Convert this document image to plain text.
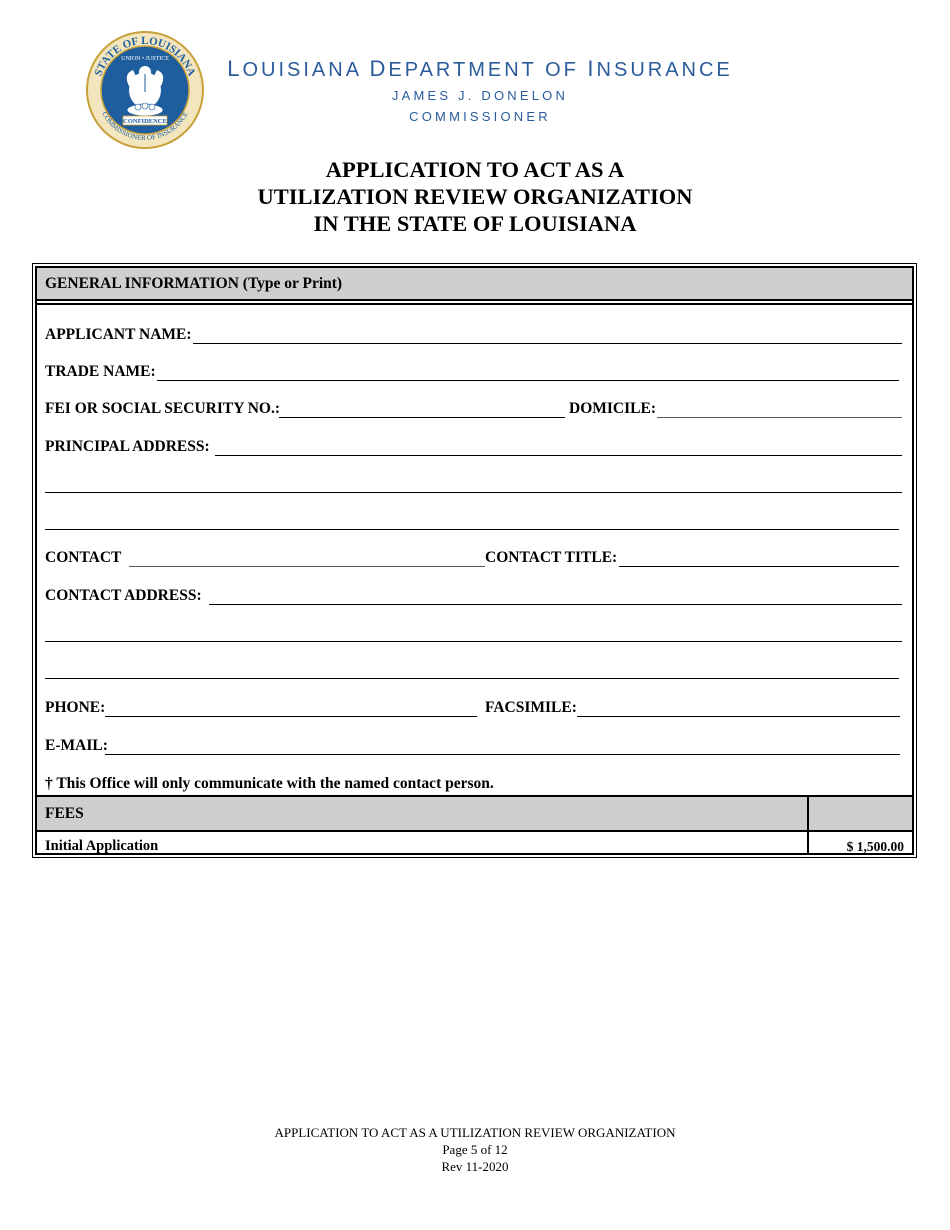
STATE OF LOUISIANA
COMMISSIONER OF INSURANCE
UNION • JUSTICE
CONFIDENCE
LOUISIANA DEPARTMENT OF INSURANCE
JAMES J. DONELON
COMMISSIONER
APPLICATION TO ACT AS A
UTILIZATION REVIEW ORGANIZATION
IN THE STATE OF LOUISIANA
GENERAL INFORMATION (Type or Print)
APPLICANT NAME:
TRADE NAME:
FEI OR SOCIAL SECURITY NO.:	DOMICILE:
PRINCIPAL ADDRESS:
CONTACT	CONTACT TITLE:
CONTACT ADDRESS:
PHONE:	FACSIMILE:
E-MAIL:
† This Office will only communicate with the named contact person.
FEES
Initial Application	$ 1,500.00
APPLICATION TO ACT AS A UTILIZATION REVIEW ORGANIZATION
Page 5 of 12
Rev 11-2020
